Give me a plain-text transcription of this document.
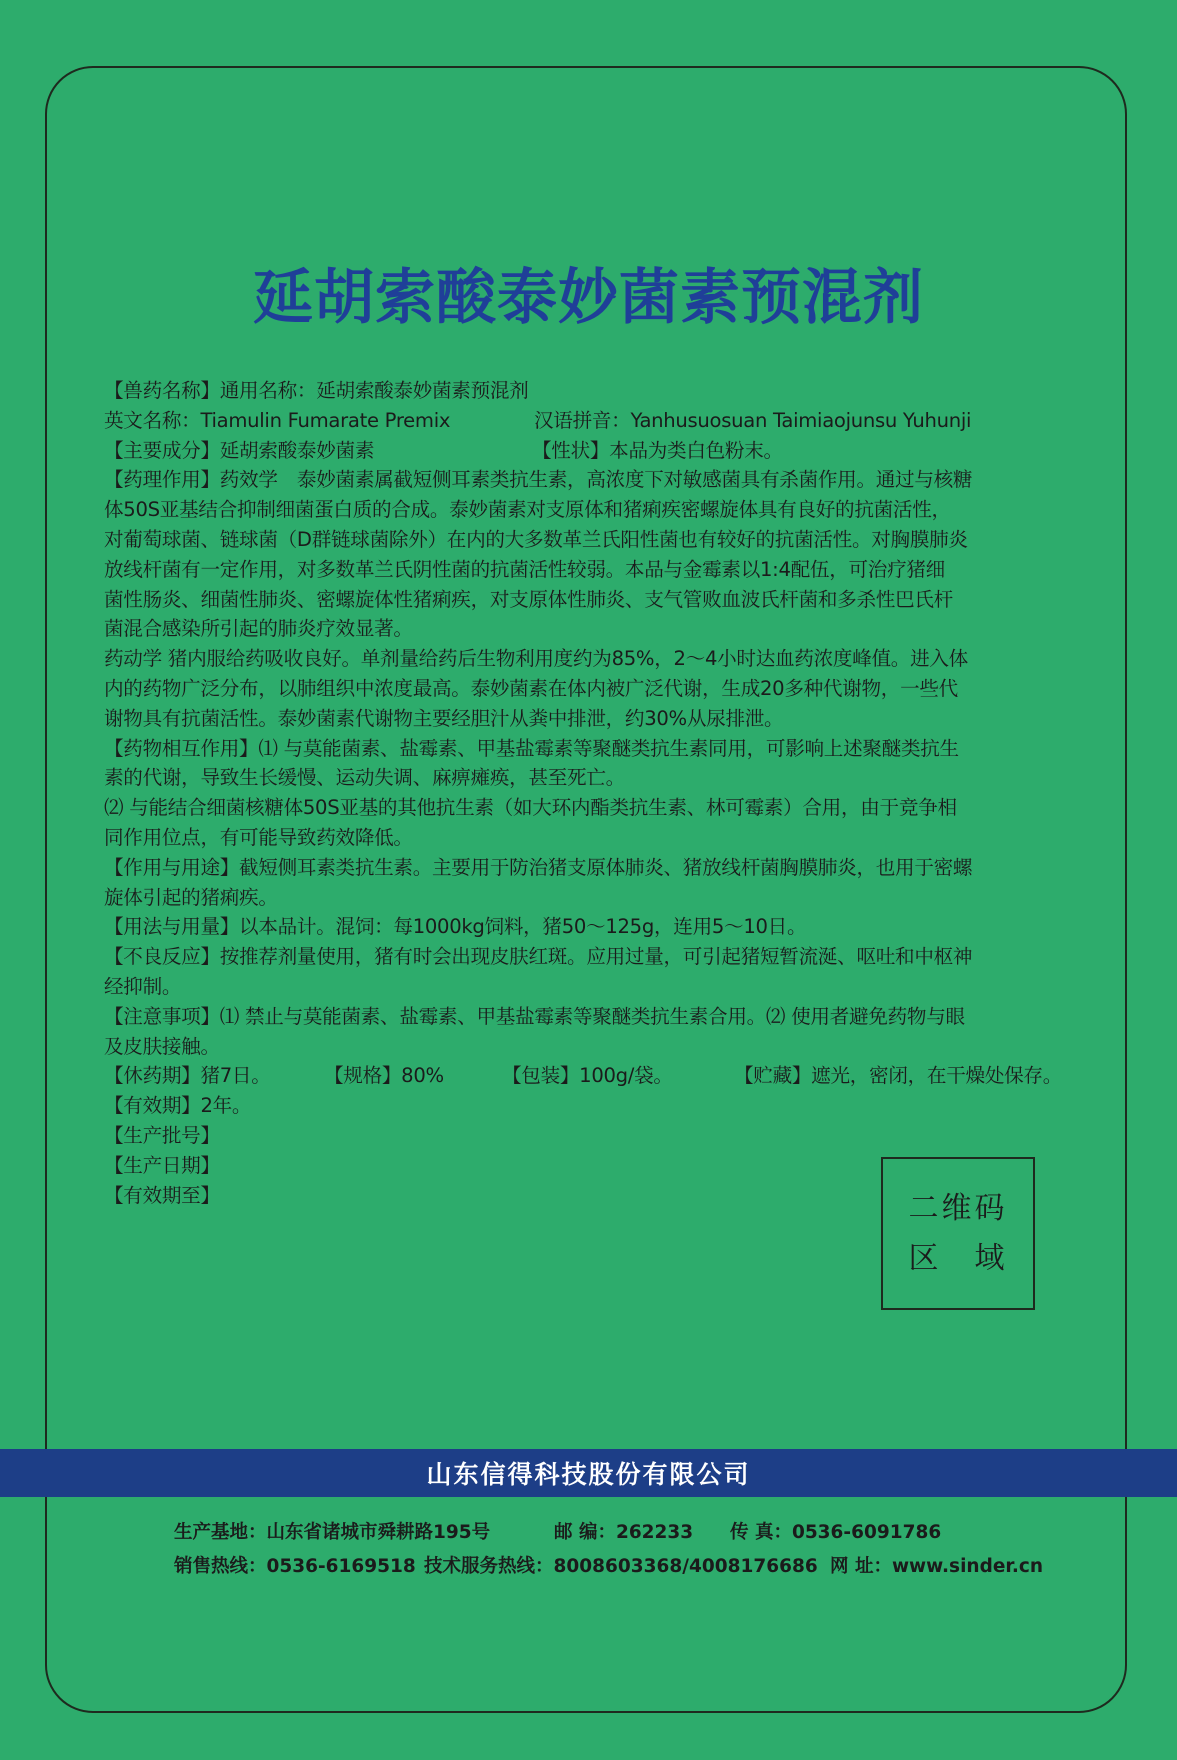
延胡索酸泰妙菌素预混剂
【兽药名称】通用名称：延胡索酸泰妙菌素预混剂
英文名称：Tiamulin Fumarate Premix	汉语拼音：Yanhusuosuan Taimiaojunsu Yuhunji
【主要成分】延胡索酸泰妙菌素	【性状】本品为类白色粉末。
【药理作用】药效学　泰妙菌素属截短侧耳素类抗生素，高浓度下对敏感菌具有杀菌作用。通过与核糖
体50S亚基结合抑制细菌蛋白质的合成。泰妙菌素对支原体和猪痢疾密螺旋体具有良好的抗菌活性，
对葡萄球菌、链球菌（D群链球菌除外）在内的大多数革兰氏阳性菌也有较好的抗菌活性。对胸膜肺炎
放线杆菌有一定作用，对多数革兰氏阴性菌的抗菌活性较弱。本品与金霉素以1:4配伍，可治疗猪细
菌性肠炎、细菌性肺炎、密螺旋体性猪痢疾，对支原体性肺炎、支气管败血波氏杆菌和多杀性巴氏杆
菌混合感染所引起的肺炎疗效显著。
药动学 猪内服给药吸收良好。单剂量给药后生物利用度约为85%，2～4小时达血药浓度峰值。进入体
内的药物广泛分布，以肺组织中浓度最高。泰妙菌素在体内被广泛代谢，生成20多种代谢物，一些代
谢物具有抗菌活性。泰妙菌素代谢物主要经胆汁从粪中排泄，约30%从尿排泄。
【药物相互作用】⑴ 与莫能菌素、盐霉素、甲基盐霉素等聚醚类抗生素同用，可影响上述聚醚类抗生
素的代谢，导致生长缓慢、运动失调、麻痹瘫痪，甚至死亡。
⑵ 与能结合细菌核糖体50S亚基的其他抗生素（如大环内酯类抗生素、林可霉素）合用，由于竞争相
同作用位点，有可能导致药效降低。
【作用与用途】截短侧耳素类抗生素。主要用于防治猪支原体肺炎、猪放线杆菌胸膜肺炎，也用于密螺
旋体引起的猪痢疾。
【用法与用量】以本品计。混饲：每1000kg饲料，猪50～125g，连用5～10日。
【不良反应】按推荐剂量使用，猪有时会出现皮肤红斑。应用过量，可引起猪短暂流涎、呕吐和中枢神
经抑制。
【注意事项】⑴ 禁止与莫能菌素、盐霉素、甲基盐霉素等聚醚类抗生素合用。⑵ 使用者避免药物与眼
及皮肤接触。
【休药期】猪7日。	【规格】80%	【包装】100g/袋。	【贮藏】遮光，密闭，在干燥处保存。
【有效期】2年。
【生产批号】
【生产日期】
【有效期至】	二维码
区　域
山东信得科技股份有限公司
生产基地：山东省诸城市舜耕路195号	邮 编：262233 传 真：0536-6091786
销售热线：0536-6169518 技术服务热线：8008603368/4008176686 网 址：www.sinder.cn
